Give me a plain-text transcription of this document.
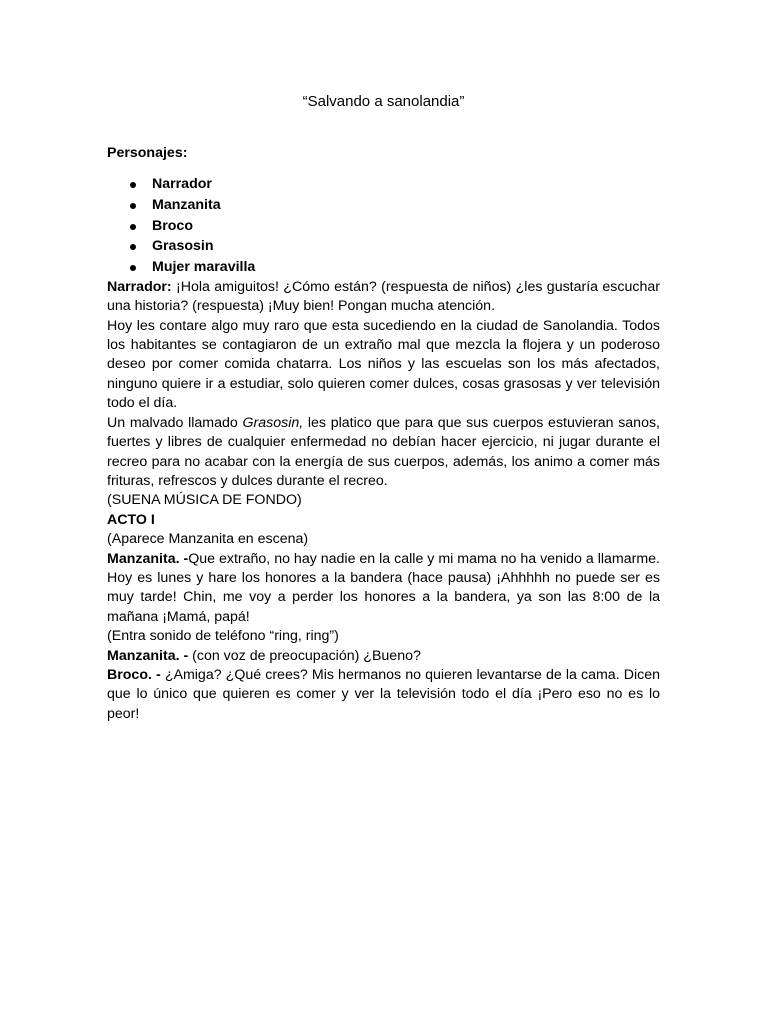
“Salvando a sanolandia”

Personajes:

Narrador
Manzanita
Broco
Grasosin
Mujer maravilla

Narrador: ¡Hola amiguitos! ¿Cómo están? (respuesta de niños) ¿les gustaría escuchar una historia? (respuesta) ¡Muy bien! Pongan mucha atención.

Hoy les contare algo muy raro que esta sucediendo en la ciudad de Sanolandia. Todos los habitantes se contagiaron de un extraño mal que mezcla la flojera y un poderoso deseo por comer comida chatarra. Los niños y las escuelas son los más afectados, ninguno quiere ir a estudiar, solo quieren comer dulces, cosas grasosas y ver televisión todo el día.

Un malvado llamado Grasosin, les platico que para que sus cuerpos estuvieran sanos, fuertes y libres de cualquier enfermedad no debían hacer ejercicio, ni jugar durante el recreo para no acabar con la energía de sus cuerpos, además, los animo a comer más frituras, refrescos y dulces durante el recreo.

(SUENA MÚSICA DE FONDO)

ACTO I

(Aparece Manzanita en escena)

Manzanita. -Que extraño, no hay nadie en la calle y mi mama no ha venido a llamarme. Hoy es lunes y hare los honores a la bandera (hace pausa) ¡Ahhhhh no puede ser es muy tarde! Chin, me voy a perder los honores a la bandera, ya son las 8:00 de la mañana ¡Mamá, papá!

(Entra sonido de teléfono “ring, ring”)

Manzanita. - (con voz de preocupación) ¿Bueno?

Broco. - ¿Amiga? ¿Qué crees? Mis hermanos no quieren levantarse de la cama. Dicen que lo único que quieren es comer y ver la televisión todo el día ¡Pero eso no es lo peor!
